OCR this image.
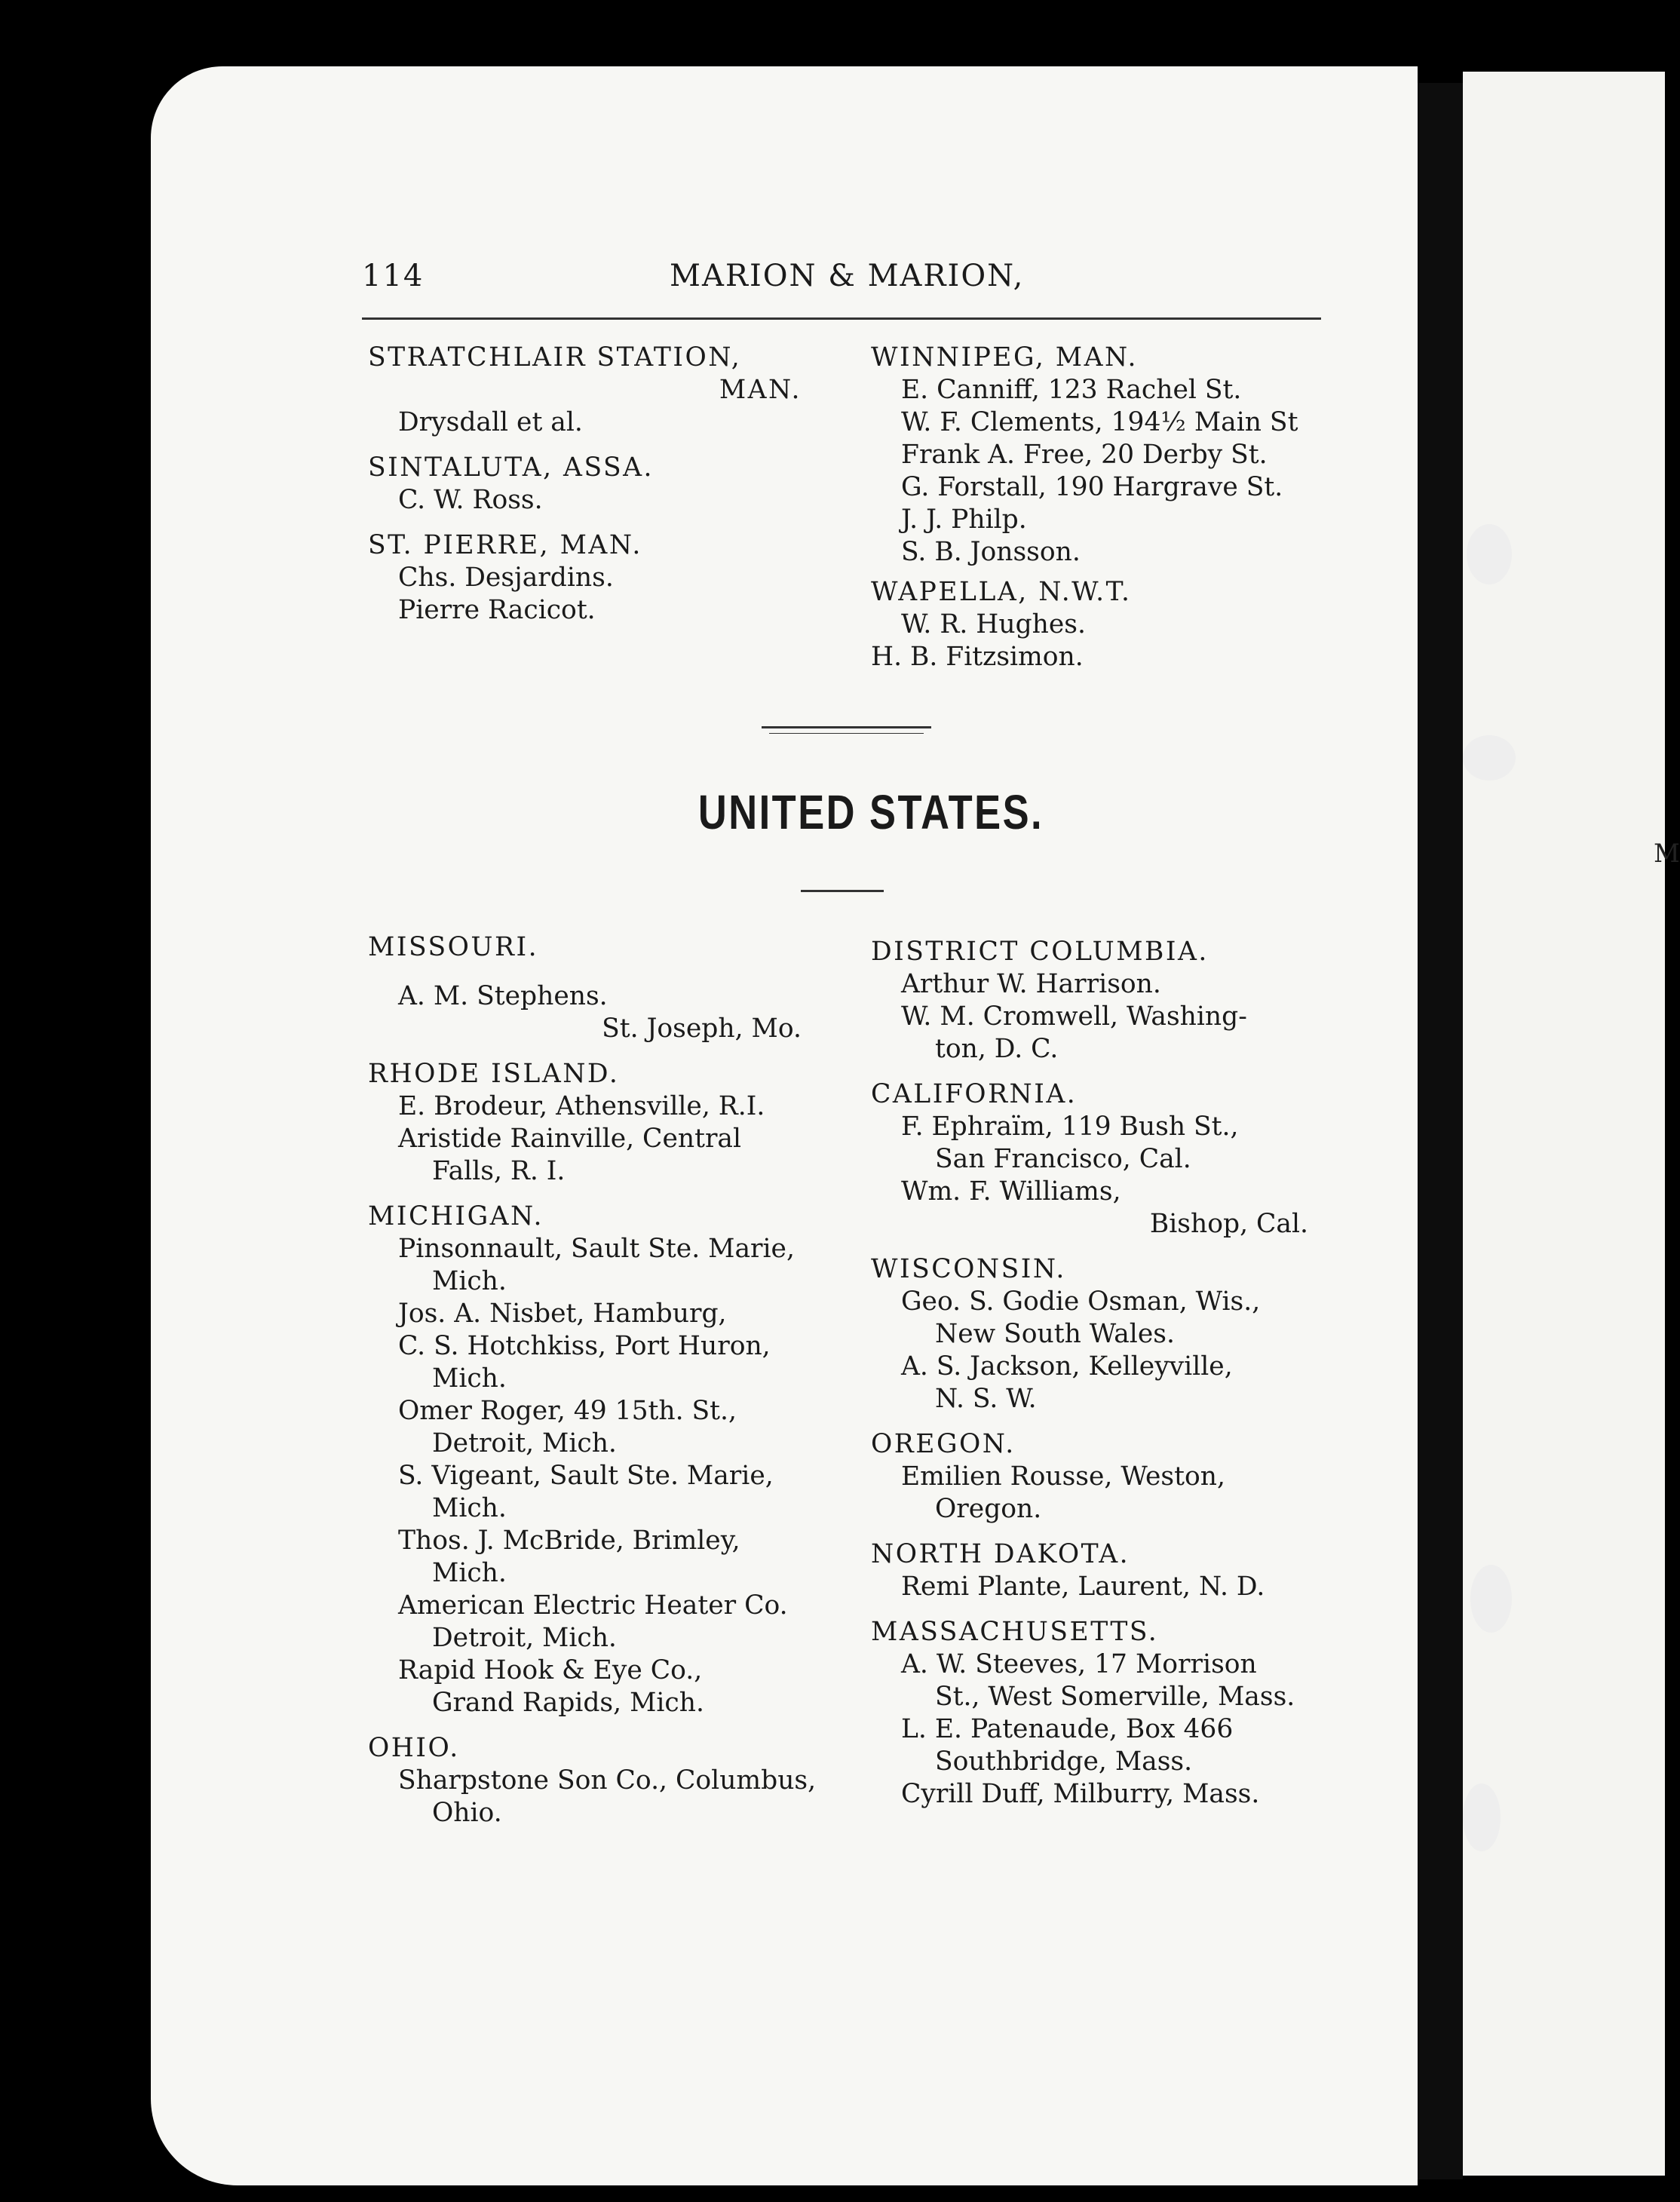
M
114	MARION & MARION,
STRATCHLAIR STATION,
MAN.
Drysdall et al.
SINTALUTA, ASSA.
C. W. Ross.
ST. PIERRE, MAN.
Chs. Desjardins.
Pierre Racicot.
WINNIPEG, MAN.
E. Canniff, 123 Rachel St.
W. F. Clements, 194½ Main St
Frank A. Free, 20 Derby St.
G. Forstall, 190 Hargrave St.
J. J. Philp.
S. B. Jonsson.
WAPELLA, N.W.T.
W. R. Hughes.
H. B. Fitzsimon.
UNITED STATES.
MISSOURI.
A. M. Stephens.
St. Joseph, Mo.
RHODE ISLAND.
E. Brodeur, Athensville, R.I.
Aristide Rainville, Central
Falls, R. I.
MICHIGAN.
Pinsonnault, Sault Ste. Marie,
Mich.
Jos. A. Nisbet, Hamburg,
C. S. Hotchkiss, Port Huron,
Mich.
Omer Roger, 49 15th. St.,
Detroit, Mich.
S. Vigeant, Sault Ste. Marie,
Mich.
Thos. J. McBride, Brimley,
Mich.
American Electric Heater Co.
Detroit, Mich.
Rapid Hook & Eye Co.,
Grand Rapids, Mich.
OHIO.
Sharpstone Son Co., Columbus,
Ohio.
DISTRICT COLUMBIA.
Arthur W. Harrison.
W. M. Cromwell, Washing-
ton, D. C.
CALIFORNIA.
F. Ephraïm, 119 Bush St.,
San Francisco, Cal.
Wm. F. Williams,
Bishop, Cal.
WISCONSIN.
Geo. S. Godie Osman, Wis.,
New South Wales.
A. S. Jackson, Kelleyville,
N. S. W.
OREGON.
Emilien Rousse, Weston,
Oregon.
NORTH DAKOTA.
Remi Plante, Laurent, N. D.
MASSACHUSETTS.
A. W. Steeves, 17 Morrison
St., West Somerville, Mass.
L. E. Patenaude, Box 466
Southbridge, Mass.
Cyrill Duff, Milburry, Mass.
